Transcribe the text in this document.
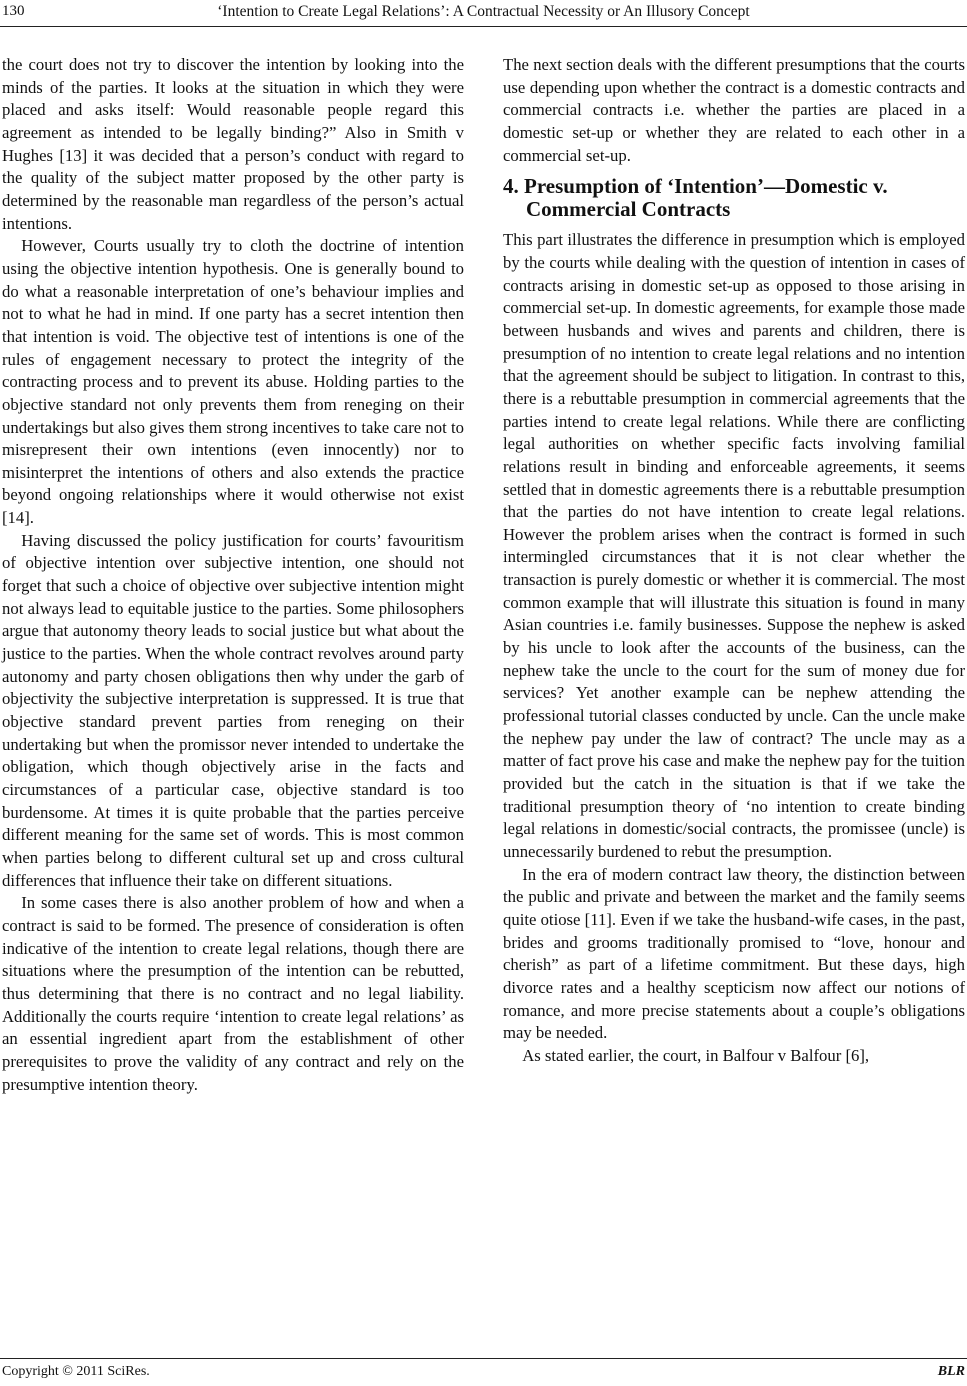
130	‘Intention to Create Legal Relations’: A Contractual Necessity or An Illusory Concept

the court does not try to discover the intention by looking into the minds of the parties. It looks at the situation in which they were placed and asks itself: Would reasonable people regard this agreement as intended to be legally binding?” Also in Smith v Hughes [13] it was decided that a person’s conduct with regard to the quality of the subject matter proposed by the other party is determined by the reasonable man regardless of the person’s actual intentions.

However, Courts usually try to cloth the doctrine of intention using the objective intention hypothesis. One is generally bound to do what a reasonable interpretation of one’s behaviour implies and not to what he had in mind. If one party has a secret intention then that intention is void. The objective test of intentions is one of the rules of engagement necessary to protect the integrity of the contracting process and to prevent its abuse. Holding parties to the objective standard not only prevents them from reneging on their undertakings but also gives them strong incentives to take care not to misrepresent their own intentions (even innocently) nor to misinterpret the intentions of others and also extends the practice beyond ongoing relationships where it would otherwise not exist [14].

Having discussed the policy justification for courts’ favouritism of objective intention over subjective intention, one should not forget that such a choice of objective over subjective intention might not always lead to equitable justice to the parties. Some philosophers argue that autonomy theory leads to social justice but what about the justice to the parties. When the whole contract revolves around party autonomy and party chosen obligations then why under the garb of objectivity the subjective interpretation is suppressed. It is true that objective standard prevent parties from reneging on their undertaking but when the promissor never intended to undertake the obligation, which though objectively arise in the facts and circumstances of a particular case, objective standard is too burdensome. At times it is quite probable that the parties perceive different meaning for the same set of words. This is most common when parties belong to different cultural set up and cross cultural differences that influence their take on different situations.

In some cases there is also another problem of how and when a contract is said to be formed. The presence of consideration is often indicative of the intention to create legal relations, though there are situations where the presumption of the intention can be rebutted, thus determining that there is no contract and no legal liability. Additionally the courts require ‘intention to create legal relations’ as an essential ingredient apart from the establishment of other prerequisites to prove the validity of any contract and rely on the presumptive intention theory.

The next section deals with the different presumptions that the courts use depending upon whether the contract is a domestic contracts and commercial contracts i.e. whether the parties are placed in a domestic set-up or whether they are related to each other in a commercial set-up.

4. Presumption of ‘Intention’—Domestic v. Commercial Contracts

This part illustrates the difference in presumption which is employed by the courts while dealing with the question of intention in cases of contracts arising in domestic set-up as opposed to those arising in commercial set-up. In domestic agreements, for example those made between husbands and wives and parents and children, there is presumption of no intention to create legal relations and no intention that the agreement should be subject to litigation. In contrast to this, there is a rebuttable presumption in commercial agreements that the parties intend to create legal relations. While there are conflicting legal authorities on whether specific facts involving familial relations result in binding and enforceable agreements, it seems settled that in domestic agreements there is a rebuttable presumption that the parties do not have intention to create legal relations. However the problem arises when the contract is formed in such intermingled circumstances that it is not clear whether the transaction is purely domestic or whether it is commercial. The most common example that will illustrate this situation is found in many Asian countries i.e. family businesses. Suppose the nephew is asked by his uncle to look after the accounts of the business, can the nephew take the uncle to the court for the sum of money due for services? Yet another example can be nephew attending the professional tutorial classes conducted by uncle. Can the uncle make the nephew pay under the law of contract? The uncle may as a matter of fact prove his case and make the nephew pay for the tuition provided but the catch in the situation is that if we take the traditional presumption theory of ‘no intention to create binding legal relations in domestic/social contracts, the promissee (uncle) is unnecessarily burdened to rebut the presumption.

In the era of modern contract law theory, the distinction between the public and private and between the market and the family seems quite otiose [11]. Even if we take the husband-wife cases, in the past, brides and grooms traditionally promised to “love, honour and cherish” as part of a lifetime commitment. But these days, high divorce rates and a healthy scepticism now affect our notions of romance, and more precise statements about a couple’s obligations may be needed.

As stated earlier, the court, in Balfour v Balfour [6],

Copyright © 2011 SciRes.	BLR
